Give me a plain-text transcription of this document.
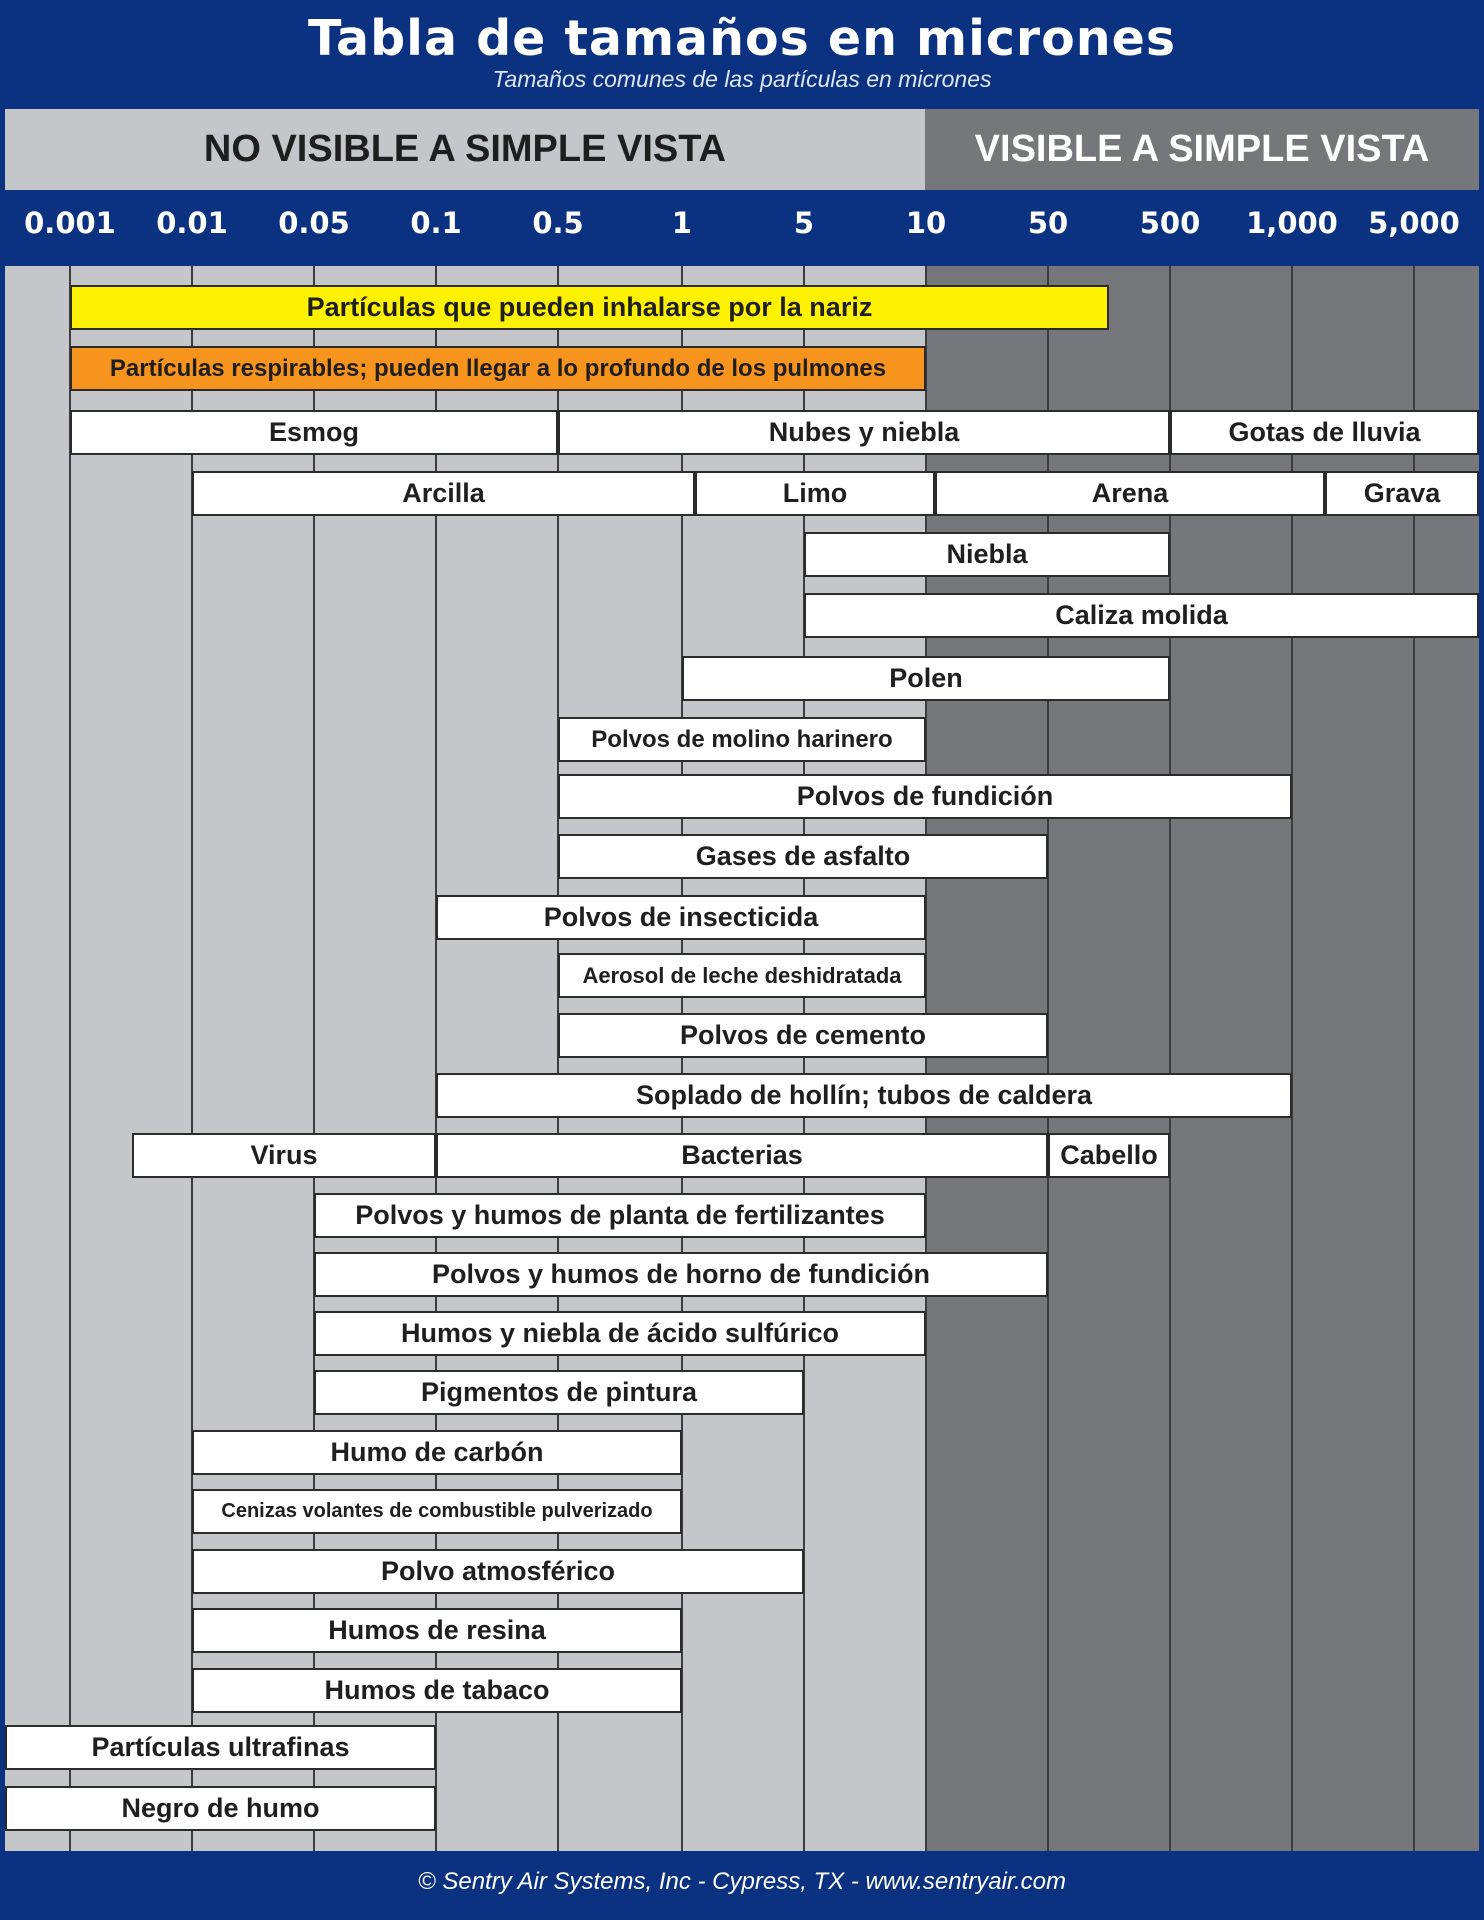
Tabla de tamaños en micrones
Tamaños comunes de las partículas en micrones
NO VISIBLE A SIMPLE VISTA	VISIBLE A SIMPLE VISTA
0.001	0.01	0.05	0.1	0.5	1	5	10	50	500	1,000	5,000
Partículas que pueden inhalarse por la nariz
Partículas respirables; pueden llegar a lo profundo de los pulmones
Esmog	Nubes y niebla	Gotas de lluvia
Arcilla	Limo	Arena	Grava
Niebla
Caliza molida
Polen
Polvos de molino harinero
Polvos de fundición
Gases de asfalto
Polvos de insecticida
Aerosol de leche deshidratada
Polvos de cemento
Soplado de hollín; tubos de caldera
Virus	Bacterias	Cabello
Polvos y humos de planta de fertilizantes
Polvos y humos de horno de fundición
Humos y niebla de ácido sulfúrico
Pigmentos de pintura
Humo de carbón
Cenizas volantes de combustible pulverizado
Polvo atmosférico
Humos de resina
Humos de tabaco
Partículas ultrafinas
Negro de humo
© Sentry Air Systems, Inc - Cypress, TX - www.sentryair.com
